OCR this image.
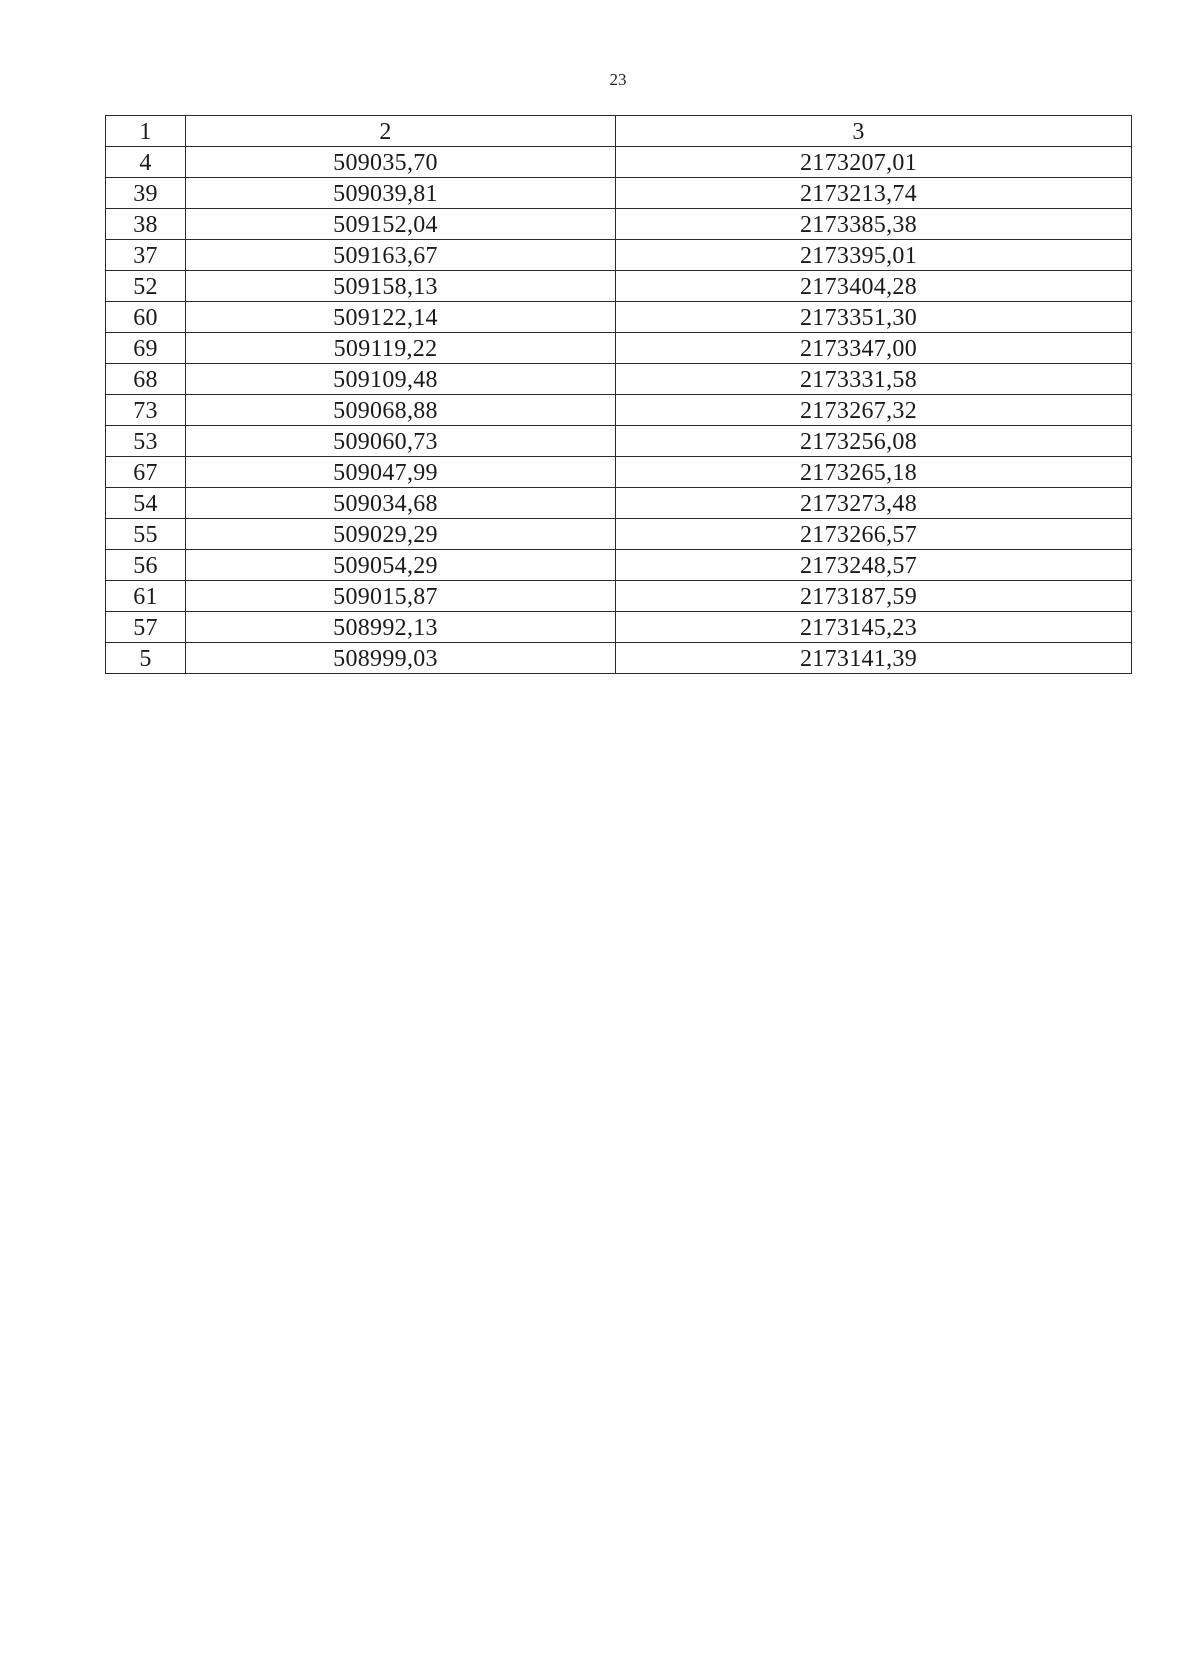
23
1	2	3
4	509035,70	2173207,01
39	509039,81	2173213,74
38	509152,04	2173385,38
37	509163,67	2173395,01
52	509158,13	2173404,28
60	509122,14	2173351,30
69	509119,22	2173347,00
68	509109,48	2173331,58
73	509068,88	2173267,32
53	509060,73	2173256,08
67	509047,99	2173265,18
54	509034,68	2173273,48
55	509029,29	2173266,57
56	509054,29	2173248,57
61	509015,87	2173187,59
57	508992,13	2173145,23
5	508999,03	2173141,39
